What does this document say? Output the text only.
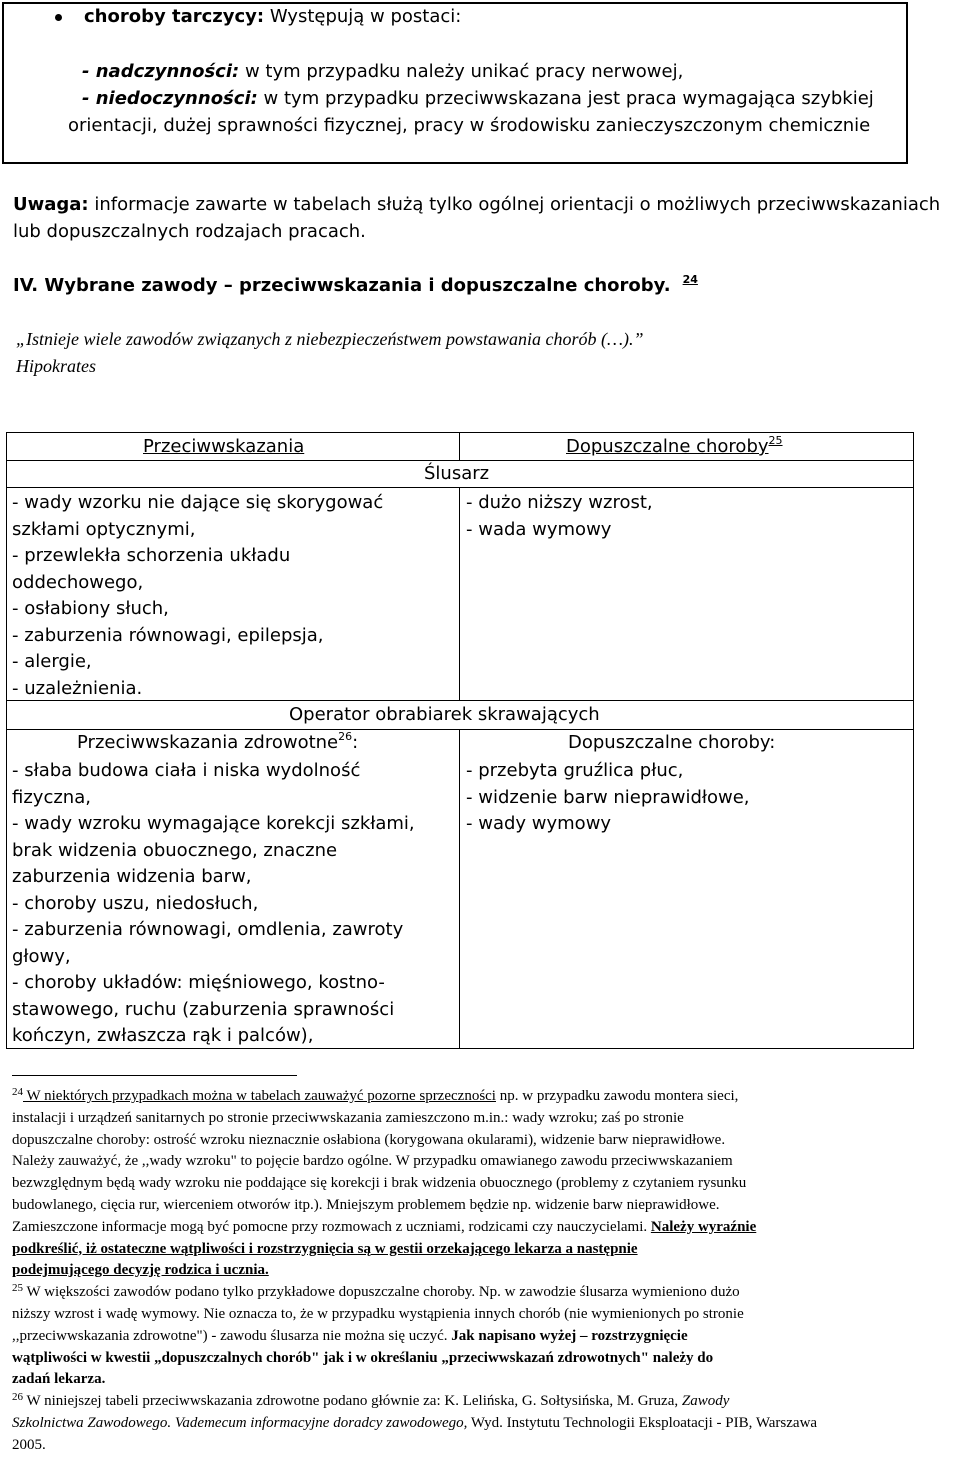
choroby tarczycy: Występują w postaci:
- nadczynności: w tym przypadku należy unikać pracy nerwowej,
- niedoczynności: w tym przypadku przeciwwskazana jest praca wymagająca szybkiej
orientacji, dużej sprawności fizycznej, pracy w środowisku zanieczyszczonym chemicznie
Uwaga: informacje zawarte w tabelach służą tylko ogólnej orientacji o możliwych przeciwwskazaniach
lub dopuszczalnych rodzajach pracach.
IV. Wybrane zawody – przeciwwskazania i dopuszczalne choroby. $^{24}$
„Istnieje wiele zawodów związanych z niebezpieczeństwem powstawania chorób (…).”
Hipokrates
Przeciwwskazania	Dopuszczalne choroby$^{25}$
Ślusarz
- wady wzorku nie dające się skorygować
szkłami optycznymi,
- przewlekła schorzenia układu
oddechowego,
- osłabiony słuch,
- zaburzenia równowagi, epilepsja,
- alergie,
- uzależnienia.
- dużo niższy wzrost,
- wada wymowy
Operator obrabiarek skrawających
Przeciwwskazania zdrowotne$^{26}$:	Dopuszczalne choroby:
- słaba budowa ciała i niska wydolność
fizyczna,
- wady wzroku wymagające korekcji szkłami,
brak widzenia obuocznego, znaczne
zaburzenia widzenia barw,
- choroby uszu, niedosłuch,
- zaburzenia równowagi, omdlenia, zawroty
głowy,
- choroby układów: mięśniowego, kostno-
stawowego, ruchu (zaburzenia sprawności
kończyn, zwłaszcza rąk i palców),
- przebyta gruźlica płuc,
- widzenie barw nieprawidłowe,
- wady wymowy
$^{24}$ W niektórych przypadkach można w tabelach zauważyć pozorne sprzeczności np. w przypadku zawodu montera sieci,
instalacji i urządzeń sanitarnych po stronie przeciwwskazania zamieszczono m.in.: wady wzroku; zaś po stronie
dopuszczalne choroby: ostrość wzroku nieznacznie osłabiona (korygowana okularami), widzenie barw nieprawidłowe.
Należy zauważyć, że ,,wady wzroku" to pojęcie bardzo ogólne. W przypadku omawianego zawodu przeciwwskazaniem
bezwzględnym będą wady wzroku nie poddające się korekcji i brak widzenia obuocznego (problemy z czytaniem rysunku
budowlanego, cięcia rur, wierceniem otworów itp.). Mniejszym problemem będzie np. widzenie barw nieprawidłowe.
Zamieszczone informacje mogą być pomocne przy rozmowach z uczniami, rodzicami czy nauczycielami. Należy wyraźnie
podkreślić, iż ostateczne wątpliwości i rozstrzygnięcia są w gestii orzekającego lekarza a następnie
podejmującego decyzję rodzica i ucznia.
$^{25}$ W większości zawodów podano tylko przykładowe dopuszczalne choroby. Np. w zawodzie ślusarza wymieniono dużo
niższy wzrost i wadę wymowy. Nie oznacza to, że w przypadku wystąpienia innych chorób (nie wymienionych po stronie
,,przeciwwskazania zdrowotne") - zawodu ślusarza nie można się uczyć. Jak napisano wyżej – rozstrzygnięcie
wątpliwości w kwestii „dopuszczalnych chorób" jak i w określaniu „przeciwwskazań zdrowotnych" należy do
zadań lekarza.
$^{26}$ W niniejszej tabeli przeciwwskazania zdrowotne podano głównie za: K. Lelińska, G. Sołtysińska, M. Gruza, Zawody
Szkolnictwa Zawodowego. Vademecum informacyjne doradcy zawodowego, Wyd. Instytutu Technologii Eksploatacji - PIB, Warszawa
2005.
